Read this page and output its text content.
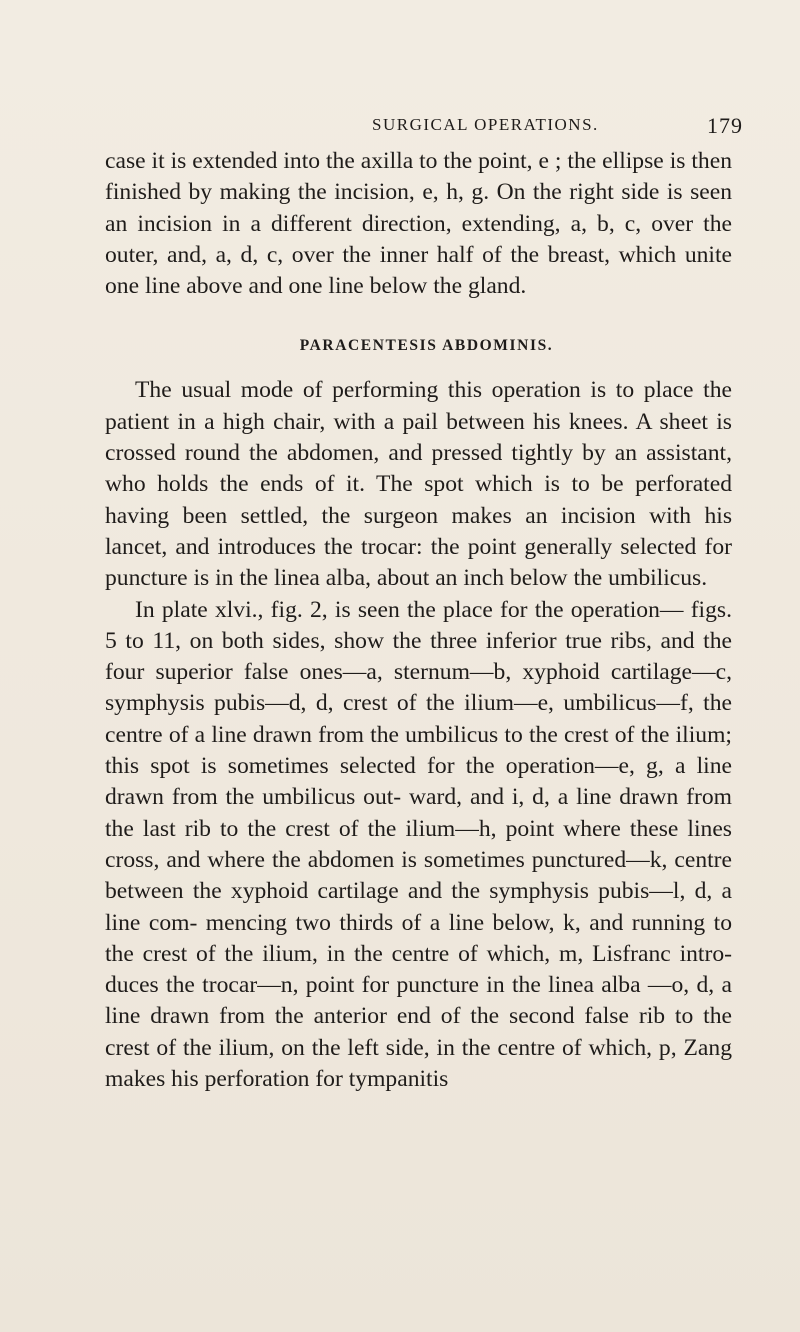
SURGICAL OPERATIONS.	179

case it is extended into the axilla to the point, e ; the ellipse is then finished by making the incision, e, h, g. On the right side is seen an incision in a different direction, extending, a, b, c, over the outer, and, a, d, c, over the inner half of the breast, which unite one line above and one line below the gland.

PARACENTESIS ABDOMINIS.

The usual mode of performing this operation is to place the patient in a high chair, with a pail between his knees. A sheet is crossed round the abdomen, and pressed tightly by an assistant, who holds the ends of it. The spot which is to be perforated having been settled, the surgeon makes an incision with his lancet, and introduces the trocar: the point generally selected for puncture is in the linea alba, about an inch below the umbilicus.

In plate xlvi., fig. 2, is seen the place for the operation— figs. 5 to 11, on both sides, show the three inferior true ribs, and the four superior false ones—a, sternum—b, xyphoid cartilage—c, symphysis pubis—d, d, crest of the ilium—e, umbilicus—f, the centre of a line drawn from the umbilicus to the crest of the ilium; this spot is sometimes selected for the operation—e, g, a line drawn from the umbilicus out- ward, and i, d, a line drawn from the last rib to the crest of the ilium—h, point where these lines cross, and where the abdomen is sometimes punctured—k, centre between the xyphoid cartilage and the symphysis pubis—l, d, a line com- mencing two thirds of a line below, k, and running to the crest of the ilium, in the centre of which, m, Lisfranc intro- duces the trocar—n, point for puncture in the linea alba —o, d, a line drawn from the anterior end of the second false rib to the crest of the ilium, on the left side, in the centre of which, p, Zang makes his perforation for tympanitis
